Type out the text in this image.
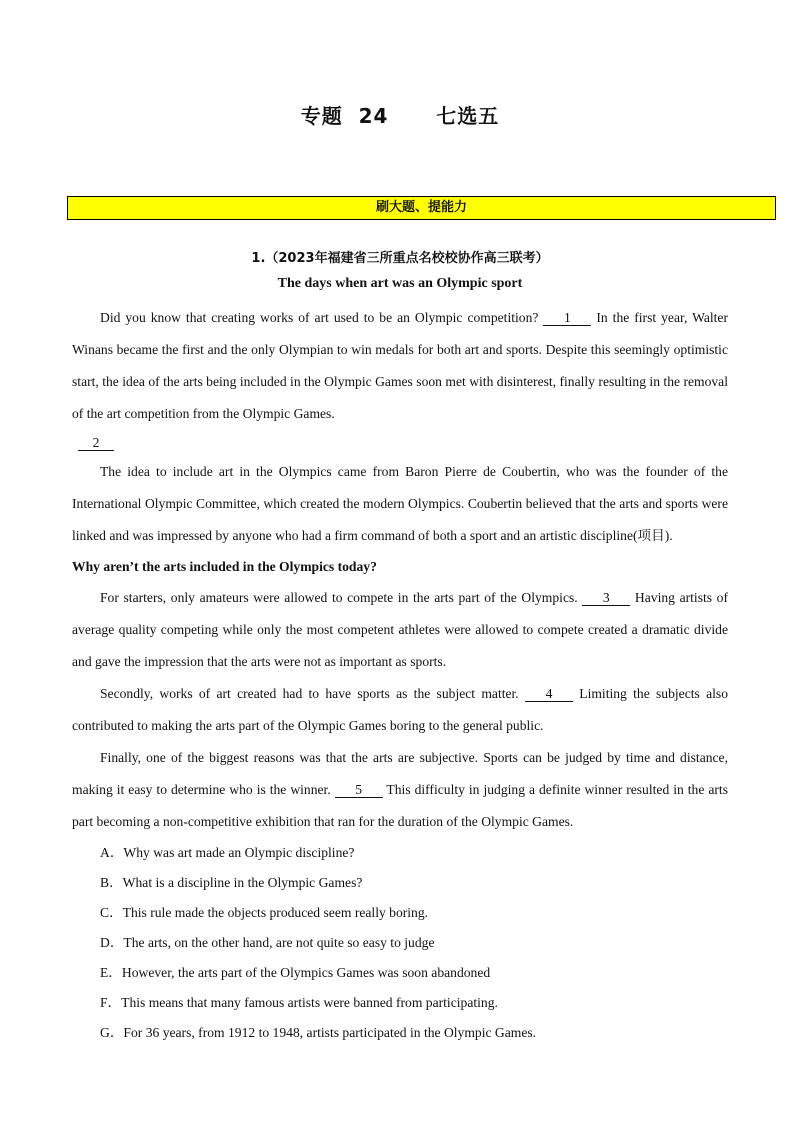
专题  24      七选五
刷大题、提能力
1.（2023年福建省三所重点名校校协作高三联考）
The days when art was an Olympic sport

Did you know that creating works of art used to be an Olympic competition? 1 In the first year, Walter Winans became the first and the only Olympian to win medals for both art and sports. Despite this seemingly optimistic start, the idea of the arts being included in the Olympic Games soon met with disinterest, finally resulting in the removal of the art competition from the Olympic Games.

2

The idea to include art in the Olympics came from Baron Pierre de Coubertin, who was the founder of the International Olympic Committee, which created the modern Olympics. Coubertin believed that the arts and sports were linked and was impressed by anyone who had a firm command of both a sport and an artistic discipline(项目).

Why aren’t the arts included in the Olympics today?

For starters, only amateurs were allowed to compete in the arts part of the Olympics. 3 Having artists of average quality competing while only the most competent athletes were allowed to compete created a dramatic divide and gave the impression that the arts were not as important as sports.

Secondly, works of art created had to have sports as the subject matter. 4 Limiting the subjects also contributed to making the arts part of the Olympic Games boring to the general public.

Finally, one of the biggest reasons was that the arts are subjective. Sports can be judged by time and distance, making it easy to determine who is the winner. 5 This difficulty in judging a definite winner resulted in the arts part becoming a non-competitive exhibition that ran for the duration of the Olympic Games.

A．Why was art made an Olympic discipline?

B．What is a discipline in the Olympic Games?

C．This rule made the objects produced seem really boring.

D．The arts, on the other hand, are not quite so easy to judge

E．However, the arts part of the Olympics Games was soon abandoned

F．This means that many famous artists were banned from participating.

G．For 36 years, from 1912 to 1948, artists participated in the Olympic Games.
